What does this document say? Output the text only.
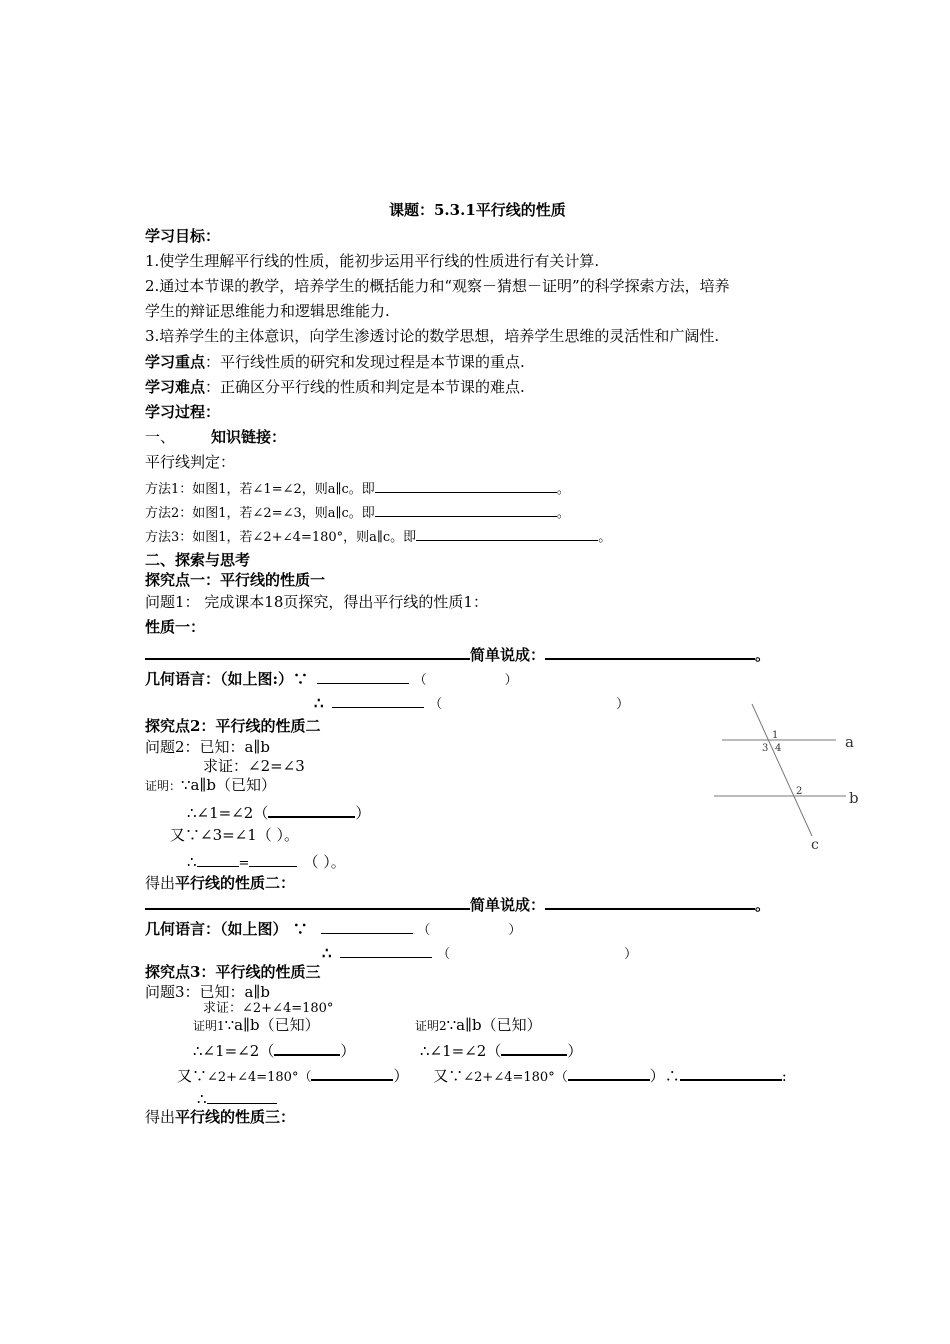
课题：5.3.1平行线的性质
学习目标：
1.使学生理解平行线的性质，能初步运用平行线的性质进行有关计算.
2.通过本节课的教学，培养学生的概括能力和“观察－猜想－证明”的科学探索方法，培养
学生的辩证思维能力和逻辑思维能力.
3.培养学生的主体意识，向学生渗透讨论的数学思想，培养学生思维的灵活性和广阔性.
学习重点：平行线性质的研究和发现过程是本节课的重点.
学习难点：正确区分平行线的性质和判定是本节课的难点.
学习过程：
一、 知识链接：
平行线判定：
方法1：如图1，若∠1=∠2，则a∥c。即	。
方法2：如图1，若∠2=∠3，则a∥c。即	。
方法3：如图1，若∠2+∠4=180°，则a∥c。即	。
二、探索与思考
探究点一：平行线的性质一
问题1： 完成课本18页探究，得出平行线的性质1：
性质一：
简单说成：	。
几何语言：（如上图:）∵	（	）
∴	（	）
探究点2：平行线的性质二
问题2：已知：a∥b
求证：∠2=∠3
证明：∵a∥b（已知）
∴∠1=∠2（	）
又∵∠3=∠1（ ）。
∴	=	（ ）。
得出平行线的性质二：
简单说成：	。
几何语言：（如上图） ∵	（	）
∴	（	）
探究点3：平行线的性质三
问题3：已知：a∥b
求证：∠2+∠4=180°
证明1∵a∥b（已知）	证明2∵a∥b（已知）
∴∠1=∠2（	）	∴∠1=∠2（	）
又∵∠2+∠4=180°（	） 又∵∠2+∠4=180°（	）∴	:
∴
得出平行线的性质三：
a
b
c
1
3 4
2
